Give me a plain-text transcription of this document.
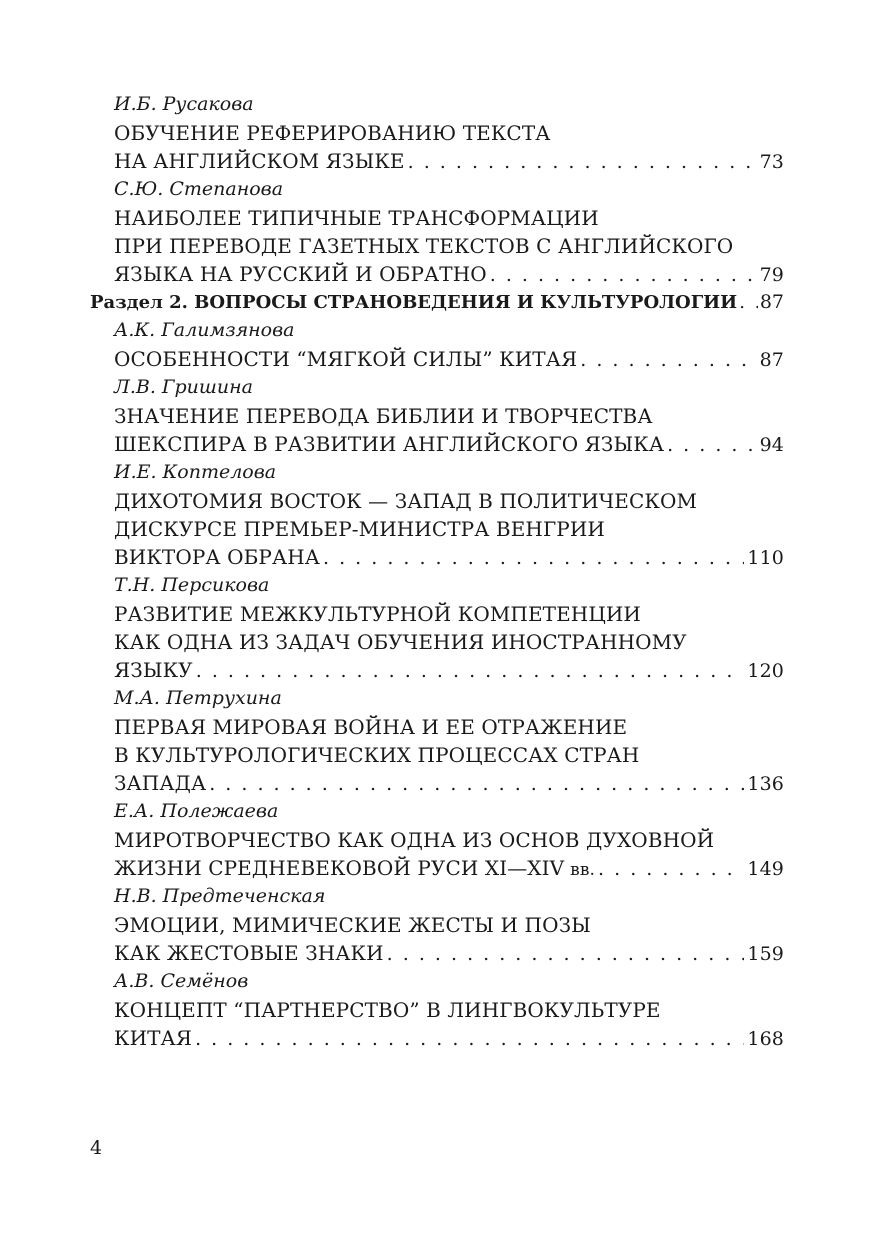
И.Б. Русакова
ОБУЧЕНИЕ РЕФЕРИРОВАНИЮ ТЕКСТА
НА АНГЛИЙСКОМ ЯЗЫКЕ . . .	73
С.Ю. Степанова
НАИБОЛЕЕ ТИПИЧНЫЕ ТРАНСФОРМАЦИИ
ПРИ ПЕРЕВОДЕ ГАЗЕТНЫХ ТЕКСТОВ С АНГЛИЙСКОГО
ЯЗЫКА НА РУССКИЙ И ОБРАТНО . . .	79
Раздел 2. ВОПРОСЫ СТРАНОВЕДЕНИЯ И КУЛЬТУРОЛОГИИ . . . 87
А.К. Галимзянова
ОСОБЕННОСТИ “МЯГКОЙ СИЛЫ” КИТАЯ . . .	87
Л.В. Гришина
ЗНАЧЕНИЕ ПЕРЕВОДА БИБЛИИ И ТВОРЧЕСТВА
ШЕКСПИРА В РАЗВИТИИ АНГЛИЙСКОГО ЯЗЫКА . . .	94
И.Е. Коптелова
ДИХОТОМИЯ ВОСТОК — ЗАПАД В ПОЛИТИЧЕСКОМ
ДИСКУРСЕ ПРЕМЬЕР-МИНИСТРА ВЕНГРИИ
ВИКТОРА ОБРАНА . . .	110
Т.Н. Персикова
РАЗВИТИЕ МЕЖКУЛЬТУРНОЙ КОМПЕТЕНЦИИ
КАК ОДНА ИЗ ЗАДАЧ ОБУЧЕНИЯ ИНОСТРАННОМУ
ЯЗЫКУ . . .	120
М.А. Петрухина
ПЕРВАЯ МИРОВАЯ ВОЙНА И ЕЕ ОТРАЖЕНИЕ
В КУЛЬТУРОЛОГИЧЕСКИХ ПРОЦЕССАХ СТРАН
ЗАПАДА . . .	136
Е.А. Полежаева
МИРОТВОРЧЕСТВО КАК ОДНА ИЗ ОСНОВ ДУХОВНОЙ
ЖИЗНИ СРЕДНЕВЕКОВОЙ РУСИ XI—XIV вв. . . .	149
Н.В. Предтеченская
ЭМОЦИИ, МИМИЧЕСКИЕ ЖЕСТЫ И ПОЗЫ
КАК ЖЕСТОВЫЕ ЗНАКИ . . .	159
А.В. Семёнов
КОНЦЕПТ “ПАРТНЕРСТВО” В ЛИНГВОКУЛЬТУРЕ
КИТАЯ . . .	168
4
